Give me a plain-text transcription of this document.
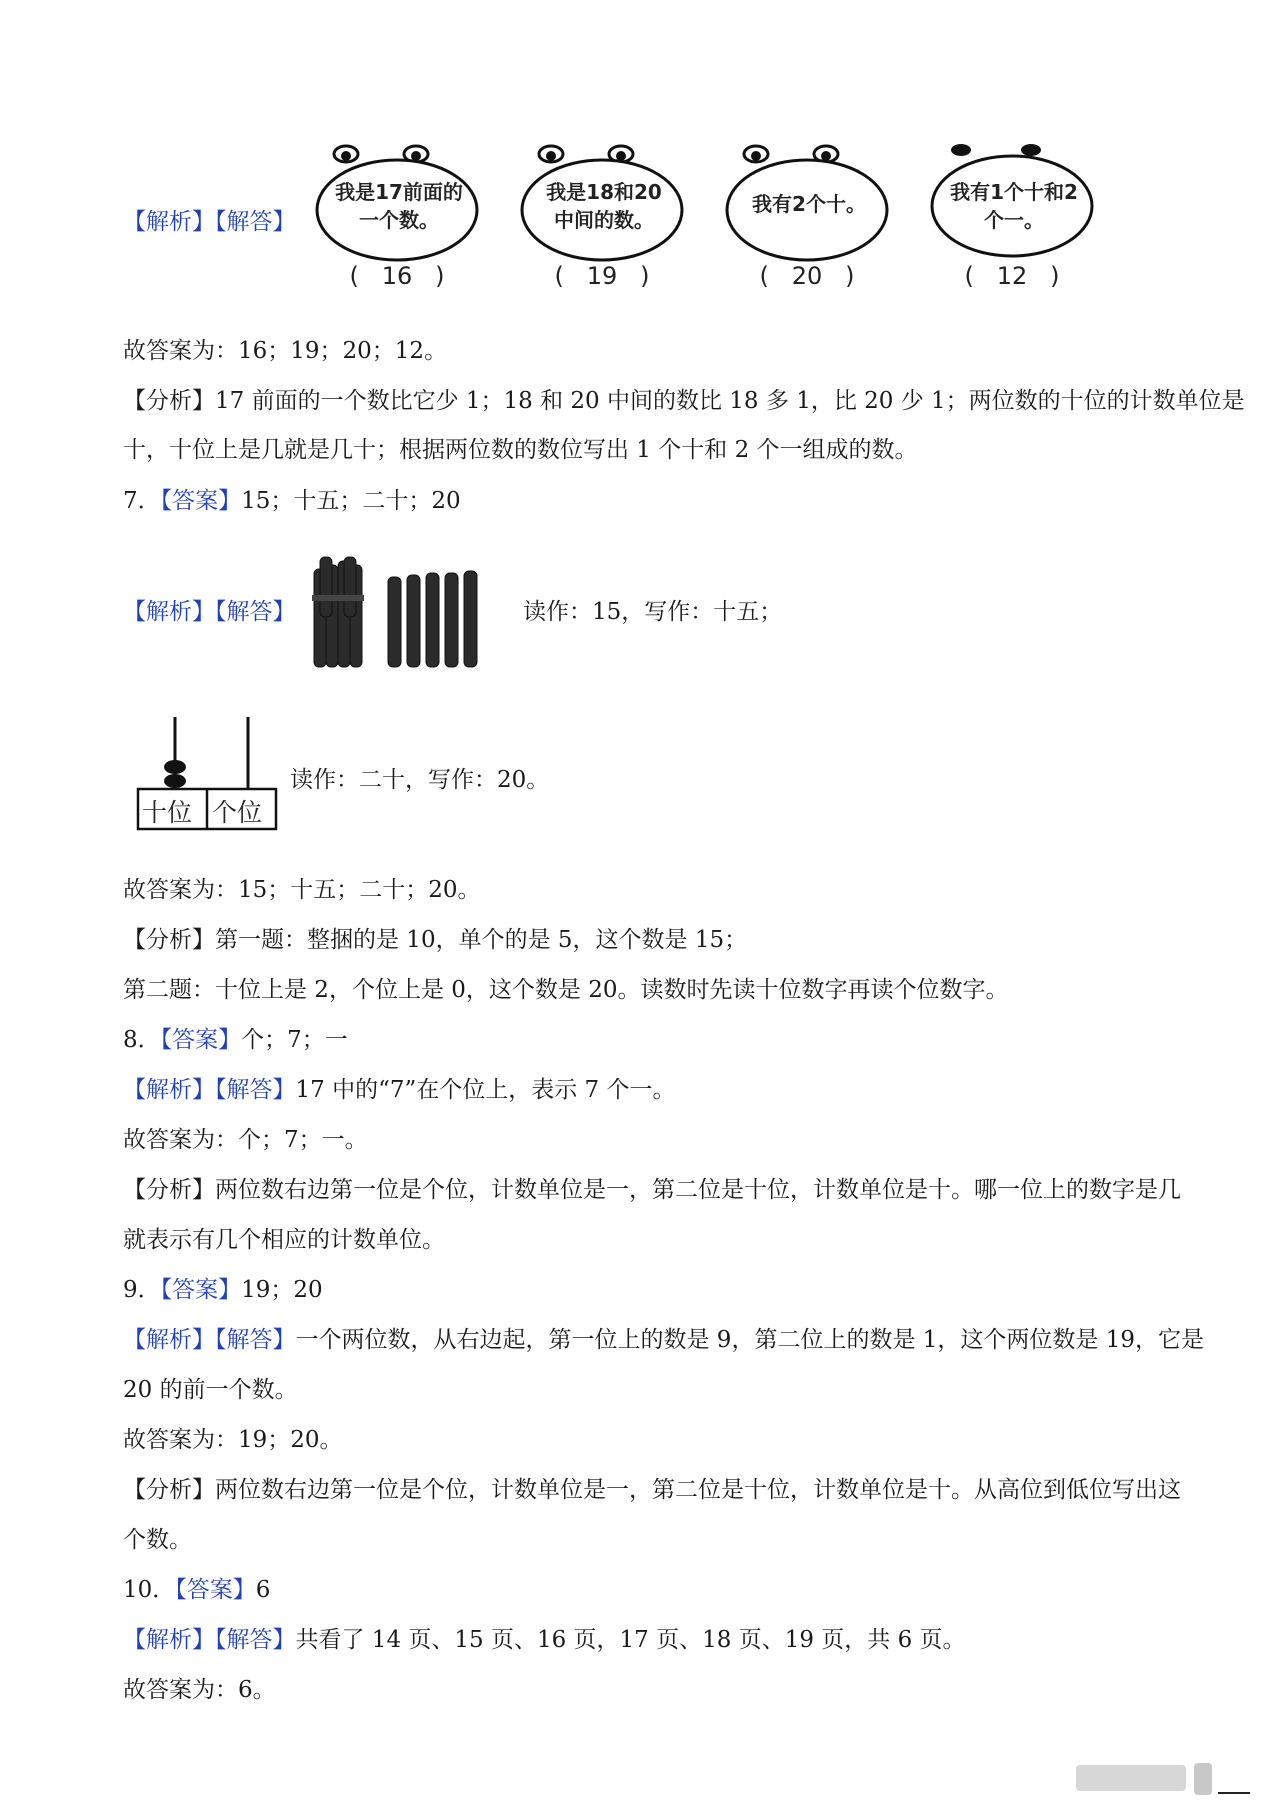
【解析】【解答】
我是17前面的一个数。
( 16 )
我是18和20中间的数。
( 19 )
我有2个十。
( 20 )
我有1个十和2个一。
( 12 )
故答案为：16；19；20；12。
【分析】17 前面的一个数比它少 1；18 和 20 中间的数比 18 多 1，比 20 少 1；两位数的十位的计数单位是
十，十位上是几就是几十；根据两位数的数位写出 1 个十和 2 个一组成的数。
7．【答案】15；十五；二十；20
【解析】【解答】	读作：15，写作：十五；
十位 个位
读作：二十，写作：20。
故答案为：15；十五；二十；20。
【分析】第一题：整捆的是 10，单个的是 5，这个数是 15；
第二题：十位上是 2，个位上是 0，这个数是 20。读数时先读十位数字再读个位数字。
8．【答案】个；7；一
【解析】【解答】17 中的“7”在个位上，表示 7 个一。
故答案为：个；7；一。
【分析】两位数右边第一位是个位，计数单位是一，第二位是十位，计数单位是十。哪一位上的数字是几
就表示有几个相应的计数单位。
9．【答案】19；20
【解析】【解答】一个两位数，从右边起，第一位上的数是 9，第二位上的数是 1，这个两位数是 19，它是
20 的前一个数。
故答案为：19；20。
【分析】两位数右边第一位是个位，计数单位是一，第二位是十位，计数单位是十。从高位到低位写出这
个数。
10．【答案】6
【解析】【解答】共看了 14 页、15 页、16 页，17 页、18 页、19 页，共 6 页。
故答案为：6。
